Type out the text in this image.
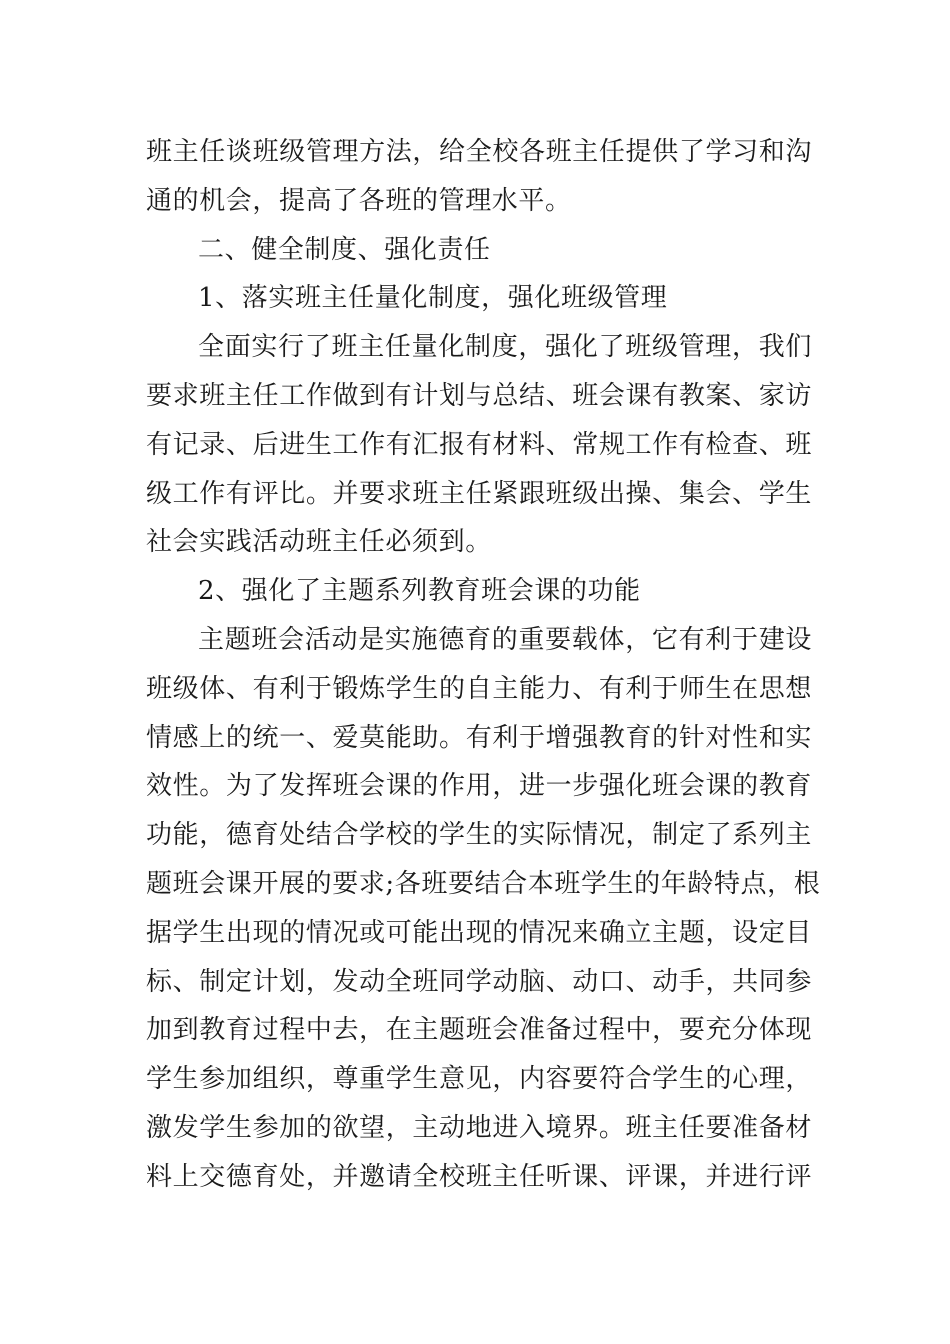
班主任谈班级管理方法，给全校各班主任提供了学习和沟
通的机会，提高了各班的管理水平。
二、健全制度、强化责任
1、落实班主任量化制度，强化班级管理
全面实行了班主任量化制度，强化了班级管理，我们
要求班主任工作做到有计划与总结、班会课有教案、家访
有记录、后进生工作有汇报有材料、常规工作有检查、班
级工作有评比。并要求班主任紧跟班级出操、集会、学生
社会实践活动班主任必须到。
2、强化了主题系列教育班会课的功能
主题班会活动是实施德育的重要载体，它有利于建设
班级体、有利于锻炼学生的自主能力、有利于师生在思想
情感上的统一、爱莫能助。有利于增强教育的针对性和实
效性。为了发挥班会课的作用，进一步强化班会课的教育
功能，德育处结合学校的学生的实际情况，制定了系列主
题班会课开展的要求;各班要结合本班学生的年龄特点，根
据学生出现的情况或可能出现的情况来确立主题，设定目
标、制定计划，发动全班同学动脑、动口、动手，共同参
加到教育过程中去，在主题班会准备过程中，要充分体现
学生参加组织，尊重学生意见，内容要符合学生的心理，
激发学生参加的欲望，主动地进入境界。班主任要准备材
料上交德育处，并邀请全校班主任听课、评课，并进行评
